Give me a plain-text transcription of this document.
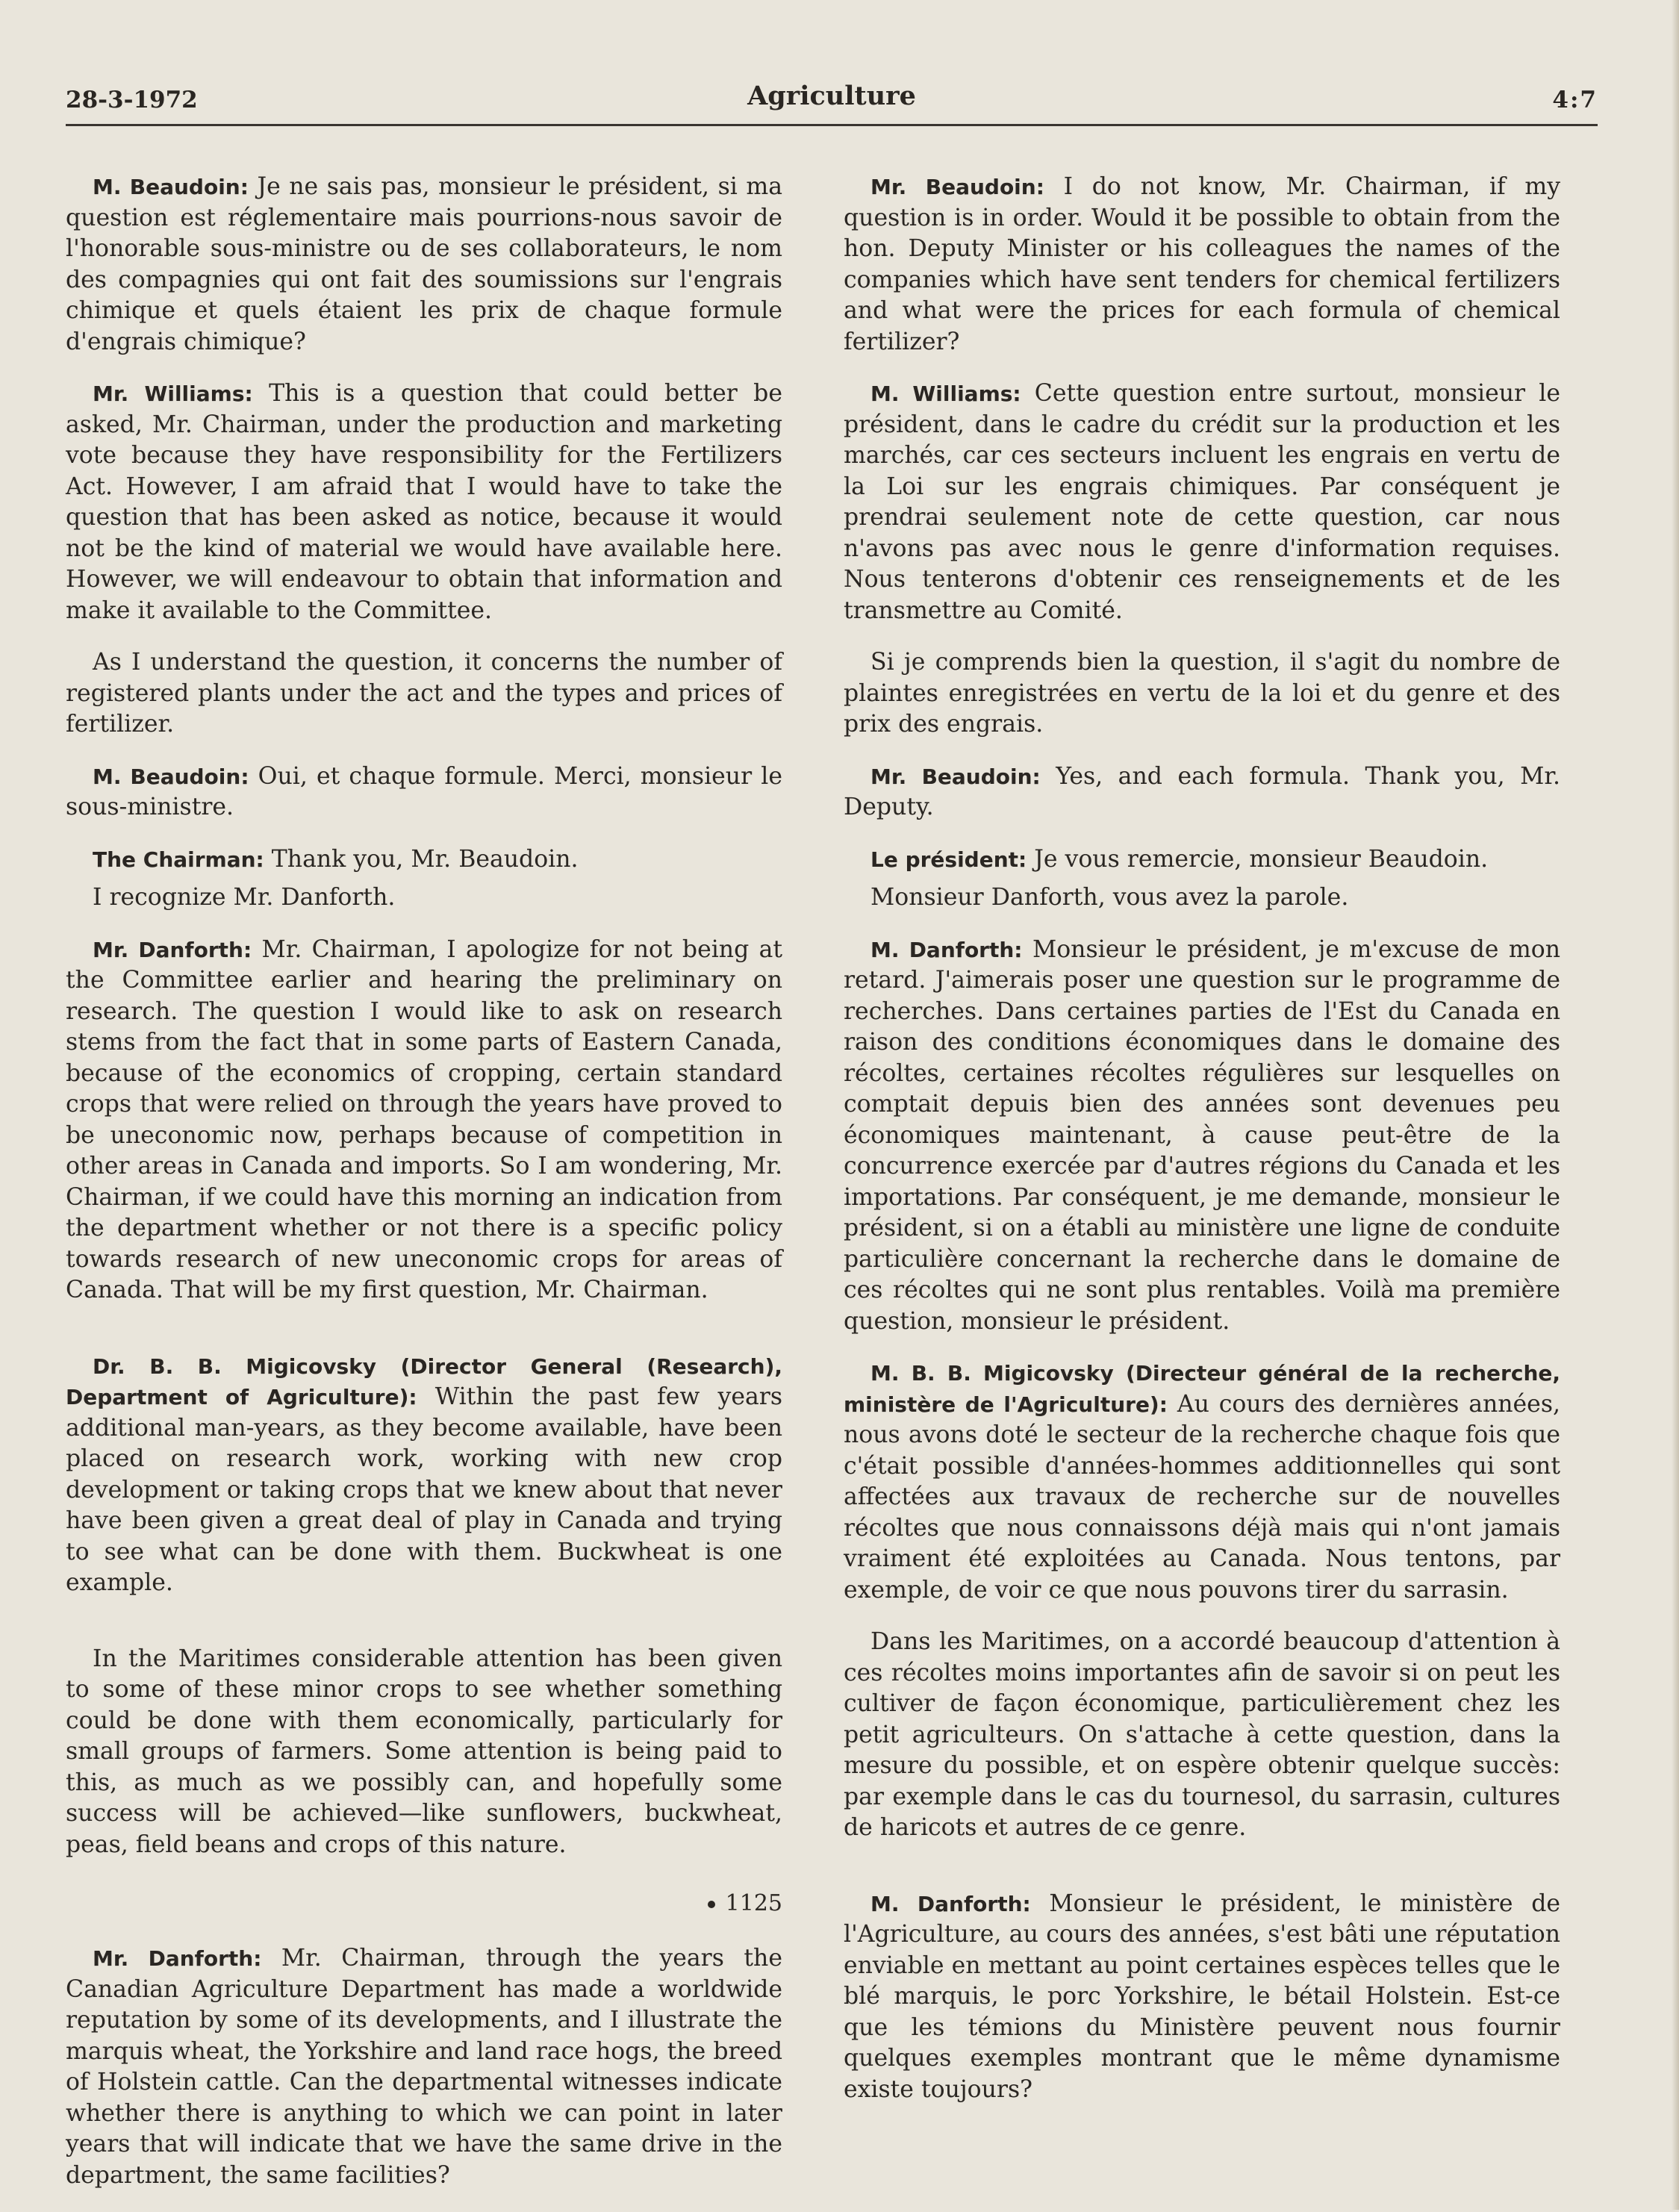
28-3-1972	Agriculture	4:7

M. Beaudoin: Je ne sais pas, monsieur le président, si ma question est réglementaire mais pourrions-nous savoir de l'honorable sous-ministre ou de ses collaborateurs, le nom des compagnies qui ont fait des soumissions sur l'engrais chimique et quels étaient les prix de chaque formule d'engrais chimique?

Mr. Williams: This is a question that could better be asked, Mr. Chairman, under the production and marketing vote because they have responsibility for the Fertilizers Act. However, I am afraid that I would have to take the question that has been asked as notice, because it would not be the kind of material we would have available here. However, we will endeavour to obtain that information and make it available to the Committee.

As I understand the question, it concerns the number of registered plants under the act and the types and prices of fertilizer.

M. Beaudoin: Oui, et chaque formule. Merci, monsieur le sous-ministre.

The Chairman: Thank you, Mr. Beaudoin.

I recognize Mr. Danforth.

Mr. Danforth: Mr. Chairman, I apologize for not being at the Committee earlier and hearing the preliminary on research. The question I would like to ask on research stems from the fact that in some parts of Eastern Canada, because of the economics of cropping, certain standard crops that were relied on through the years have proved to be uneconomic now, perhaps because of competition in other areas in Canada and imports. So I am wondering, Mr. Chairman, if we could have this morning an indication from the department whether or not there is a specific policy towards research of new uneconomic crops for areas of Canada. That will be my first question, Mr. Chairman.

Dr. B. B. Migicovsky (Director General (Research), Department of Agriculture): Within the past few years additional man-years, as they become available, have been placed on research work, working with new crop development or taking crops that we knew about that never have been given a great deal of play in Canada and trying to see what can be done with them. Buckwheat is one example.

In the Maritimes considerable attention has been given to some of these minor crops to see whether something could be done with them economically, particularly for small groups of farmers. Some attention is being paid to this, as much as we possibly can, and hopefully some success will be achieved—like sunflowers, buckwheat, peas, field beans and crops of this nature.

1125

Mr. Danforth: Mr. Chairman, through the years the Canadian Agriculture Department has made a worldwide reputation by some of its developments, and I illustrate the marquis wheat, the Yorkshire and land race hogs, the breed of Holstein cattle. Can the departmental witnesses indicate whether there is anything to which we can point in later years that will indicate that we have the same drive in the department, the same facilities?

Mr. Beaudoin: I do not know, Mr. Chairman, if my question is in order. Would it be possible to obtain from the hon. Deputy Minister or his colleagues the names of the companies which have sent tenders for chemical fertilizers and what were the prices for each formula of chemical fertilizer?

M. Williams: Cette question entre surtout, monsieur le président, dans le cadre du crédit sur la production et les marchés, car ces secteurs incluent les engrais en vertu de la Loi sur les engrais chimiques. Par conséquent je prendrai seulement note de cette question, car nous n'avons pas avec nous le genre d'information requises. Nous tenterons d'obtenir ces renseignements et de les transmettre au Comité.

Si je comprends bien la question, il s'agit du nombre de plaintes enregistrées en vertu de la loi et du genre et des prix des engrais.

Mr. Beaudoin: Yes, and each formula. Thank you, Mr. Deputy.

Le président: Je vous remercie, monsieur Beaudoin.

Monsieur Danforth, vous avez la parole.

M. Danforth: Monsieur le président, je m'excuse de mon retard. J'aimerais poser une question sur le programme de recherches. Dans certaines parties de l'Est du Canada en raison des conditions économiques dans le domaine des récoltes, certaines récoltes régulières sur lesquelles on comptait depuis bien des années sont devenues peu économiques maintenant, à cause peut-être de la concurrence exercée par d'autres régions du Canada et les importations. Par conséquent, je me demande, monsieur le président, si on a établi au ministère une ligne de conduite particulière concernant la recherche dans le domaine de ces récoltes qui ne sont plus rentables. Voilà ma première question, monsieur le président.

M. B. B. Migicovsky (Directeur général de la recherche, ministère de l'Agriculture): Au cours des dernières années, nous avons doté le secteur de la recherche chaque fois que c'était possible d'années-hommes additionnelles qui sont affectées aux travaux de recherche sur de nouvelles récoltes que nous connaissons déjà mais qui n'ont jamais vraiment été exploitées au Canada. Nous tentons, par exemple, de voir ce que nous pouvons tirer du sarrasin.

Dans les Maritimes, on a accordé beaucoup d'attention à ces récoltes moins importantes afin de savoir si on peut les cultiver de façon économique, particulièrement chez les petit agriculteurs. On s'attache à cette question, dans la mesure du possible, et on espère obtenir quelque succès: par exemple dans le cas du tournesol, du sarrasin, cultures de haricots et autres de ce genre.

M. Danforth: Monsieur le président, le ministère de l'Agriculture, au cours des années, s'est bâti une réputation enviable en mettant au point certaines espèces telles que le blé marquis, le porc Yorkshire, le bétail Holstein. Est-ce que les témions du Ministère peuvent nous fournir quelques exemples montrant que le même dynamisme existe toujours?
